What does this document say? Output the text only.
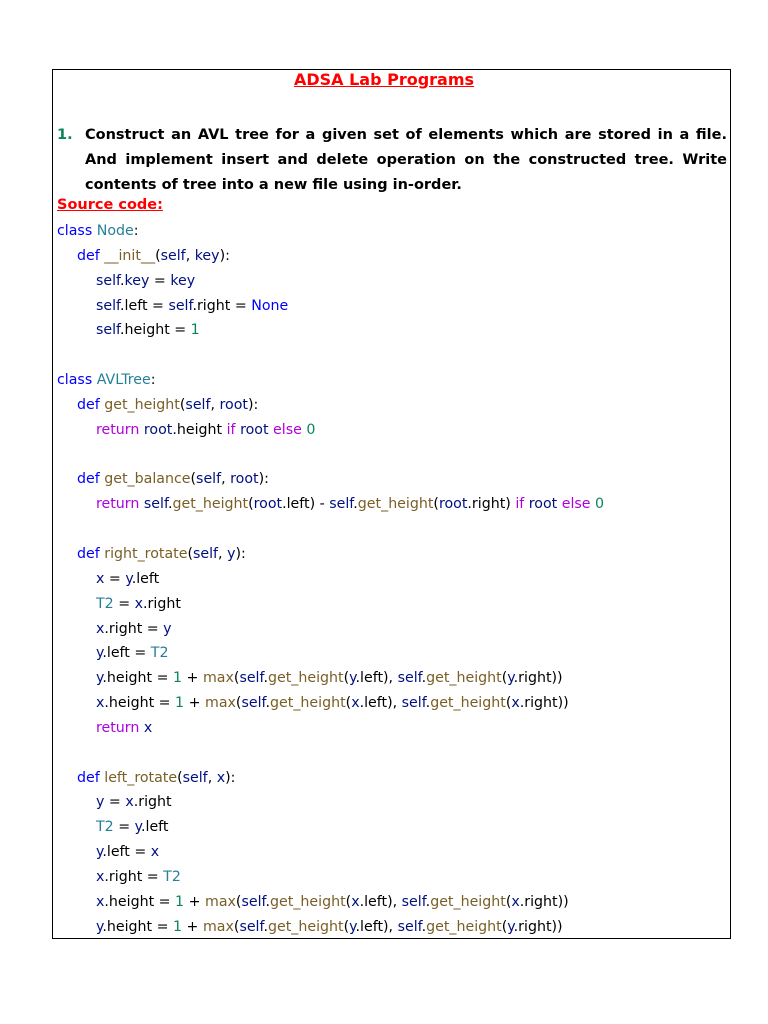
ADSA Lab Programs
1. Construct an AVL tree for a given set of elements which are stored in a file. And implement insert and delete operation on the constructed tree. Write contents of tree into a new file using in-order.
Source code:
class Node:
def __init__(self, key):
self.key = key
self.left = self.right = None
self.height = 1
class AVLTree:
def get_height(self, root):
return root.height if root else 0
def get_balance(self, root):
return self.get_height(root.left) - self.get_height(root.right) if root else 0
def right_rotate(self, y):
x = y.left
T2 = x.right
x.right = y
y.left = T2
y.height = 1 + max(self.get_height(y.left), self.get_height(y.right))
x.height = 1 + max(self.get_height(x.left), self.get_height(x.right))
return x
def left_rotate(self, x):
y = x.right
T2 = y.left
y.left = x
x.right = T2
x.height = 1 + max(self.get_height(x.left), self.get_height(x.right))
y.height = 1 + max(self.get_height(y.left), self.get_height(y.right))
